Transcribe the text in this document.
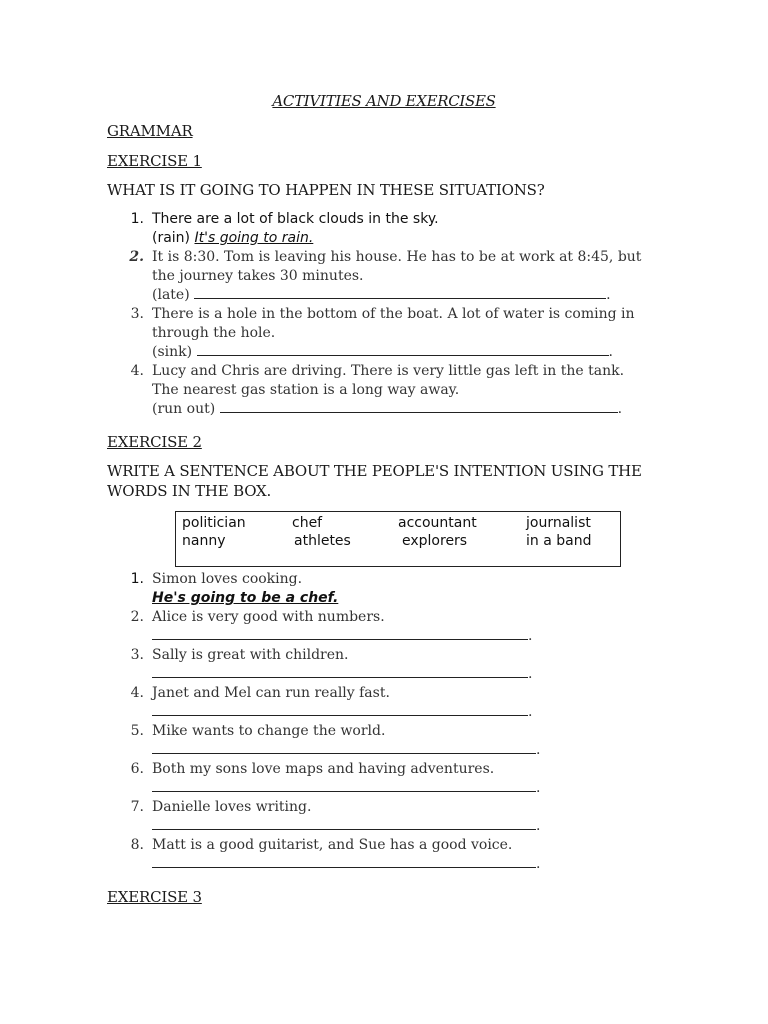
ACTIVITIES AND EXERCISES
GRAMMAR
EXERCISE 1
WHAT IS IT GOING TO HAPPEN IN THESE SITUATIONS?
1. There are a lot of black clouds in the sky.
(rain) It's going to rain.
2. It is 8:30. Tom is leaving his house. He has to be at work at 8:45, but
the journey takes 30 minutes.
(late)	.
3. There is a hole in the bottom of the boat. A lot of water is coming in
through the hole.
(sink)	.
4. Lucy and Chris are driving. There is very little gas left in the tank.
The nearest gas station is a long way away.
(run out)	.
EXERCISE 2
WRITE A SENTENCE ABOUT THE PEOPLE'S INTENTION USING THE
WORDS IN THE BOX.
politician	chef	accountant	journalist
nanny	athletes	explorers	in a band
1. Simon loves cooking.
He's going to be a chef.
2. Alice is very good with numbers.
.
3. Sally is great with children.
.
4. Janet and Mel can run really fast.
.
5. Mike wants to change the world.
.
6. Both my sons love maps and having adventures.
.
7. Danielle loves writing.
.
8. Matt is a good guitarist, and Sue has a good voice.
.
EXERCISE 3
